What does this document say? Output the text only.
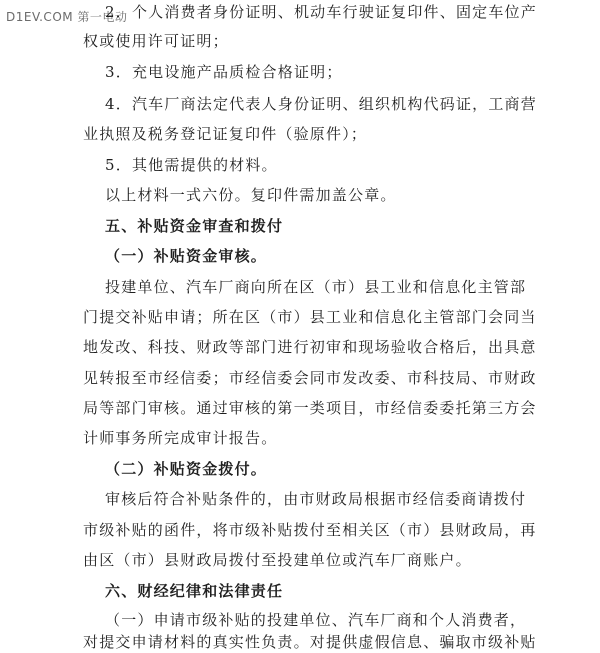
D1EV.COM 第一电动
2．个人消费者身份证明、机动车行驶证复印件、固定车位产
权或使用许可证明；
3．充电设施产品质检合格证明；
4．汽车厂商法定代表人身份证明、组织机构代码证，工商营
业执照及税务登记证复印件（验原件）；
5．其他需提供的材料。
以上材料一式六份。复印件需加盖公章。
五、补贴资金审查和拨付
（一）补贴资金审核。
投建单位、汽车厂商向所在区（市）县工业和信息化主管部
门提交补贴申请；所在区（市）县工业和信息化主管部门会同当
地发改、科技、财政等部门进行初审和现场验收合格后，出具意
见转报至市经信委；市经信委会同市发改委、市科技局、市财政
局等部门审核。通过审核的第一类项目，市经信委委托第三方会
计师事务所完成审计报告。
（二）补贴资金拨付。
审核后符合补贴条件的，由市财政局根据市经信委商请拨付
市级补贴的函件，将市级补贴拨付至相关区（市）县财政局，再
由区（市）县财政局拨付至投建单位或汽车厂商账户。
六、财经纪律和法律责任
（一）申请市级补贴的投建单位、汽车厂商和个人消费者，
对提交申请材料的真实性负责。对提供虚假信息、骗取市级补贴
